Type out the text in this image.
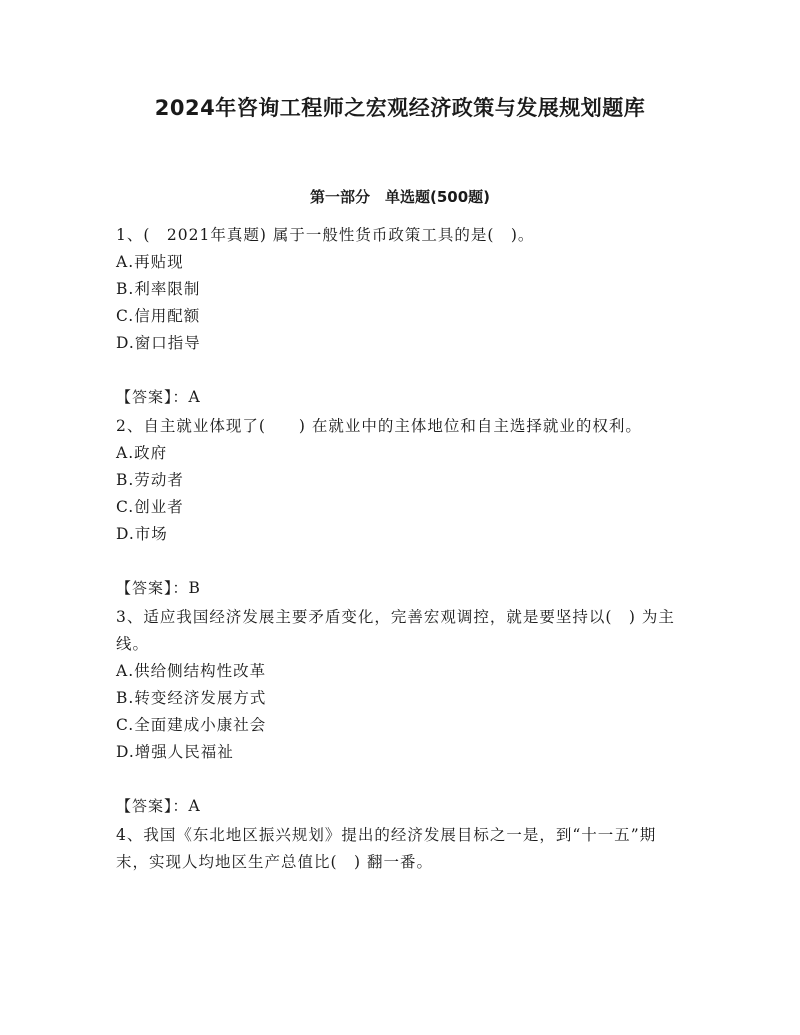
2024年咨询工程师之宏观经济政策与发展规划题库
第一部分　单选题(500题)
1、(　2021年真题) 属于一般性货币政策工具的是(　)。
A.再贴现
B.利率限制
C.信用配额
D.窗口指导
【答案】：A
2、自主就业体现了(　　) 在就业中的主体地位和自主选择就业的权利。
A.政府
B.劳动者
C.创业者
D.市场
【答案】：B
3、适应我国经济发展主要矛盾变化，完善宏观调控，就是要坚持以(　) 为主线。
A.供给侧结构性改革
B.转变经济发展方式
C.全面建成小康社会
D.增强人民福祉
【答案】：A
4、我国《东北地区振兴规划》提出的经济发展目标之一是，到“十一五”期末，实现人均地区生产总值比(　) 翻一番。
